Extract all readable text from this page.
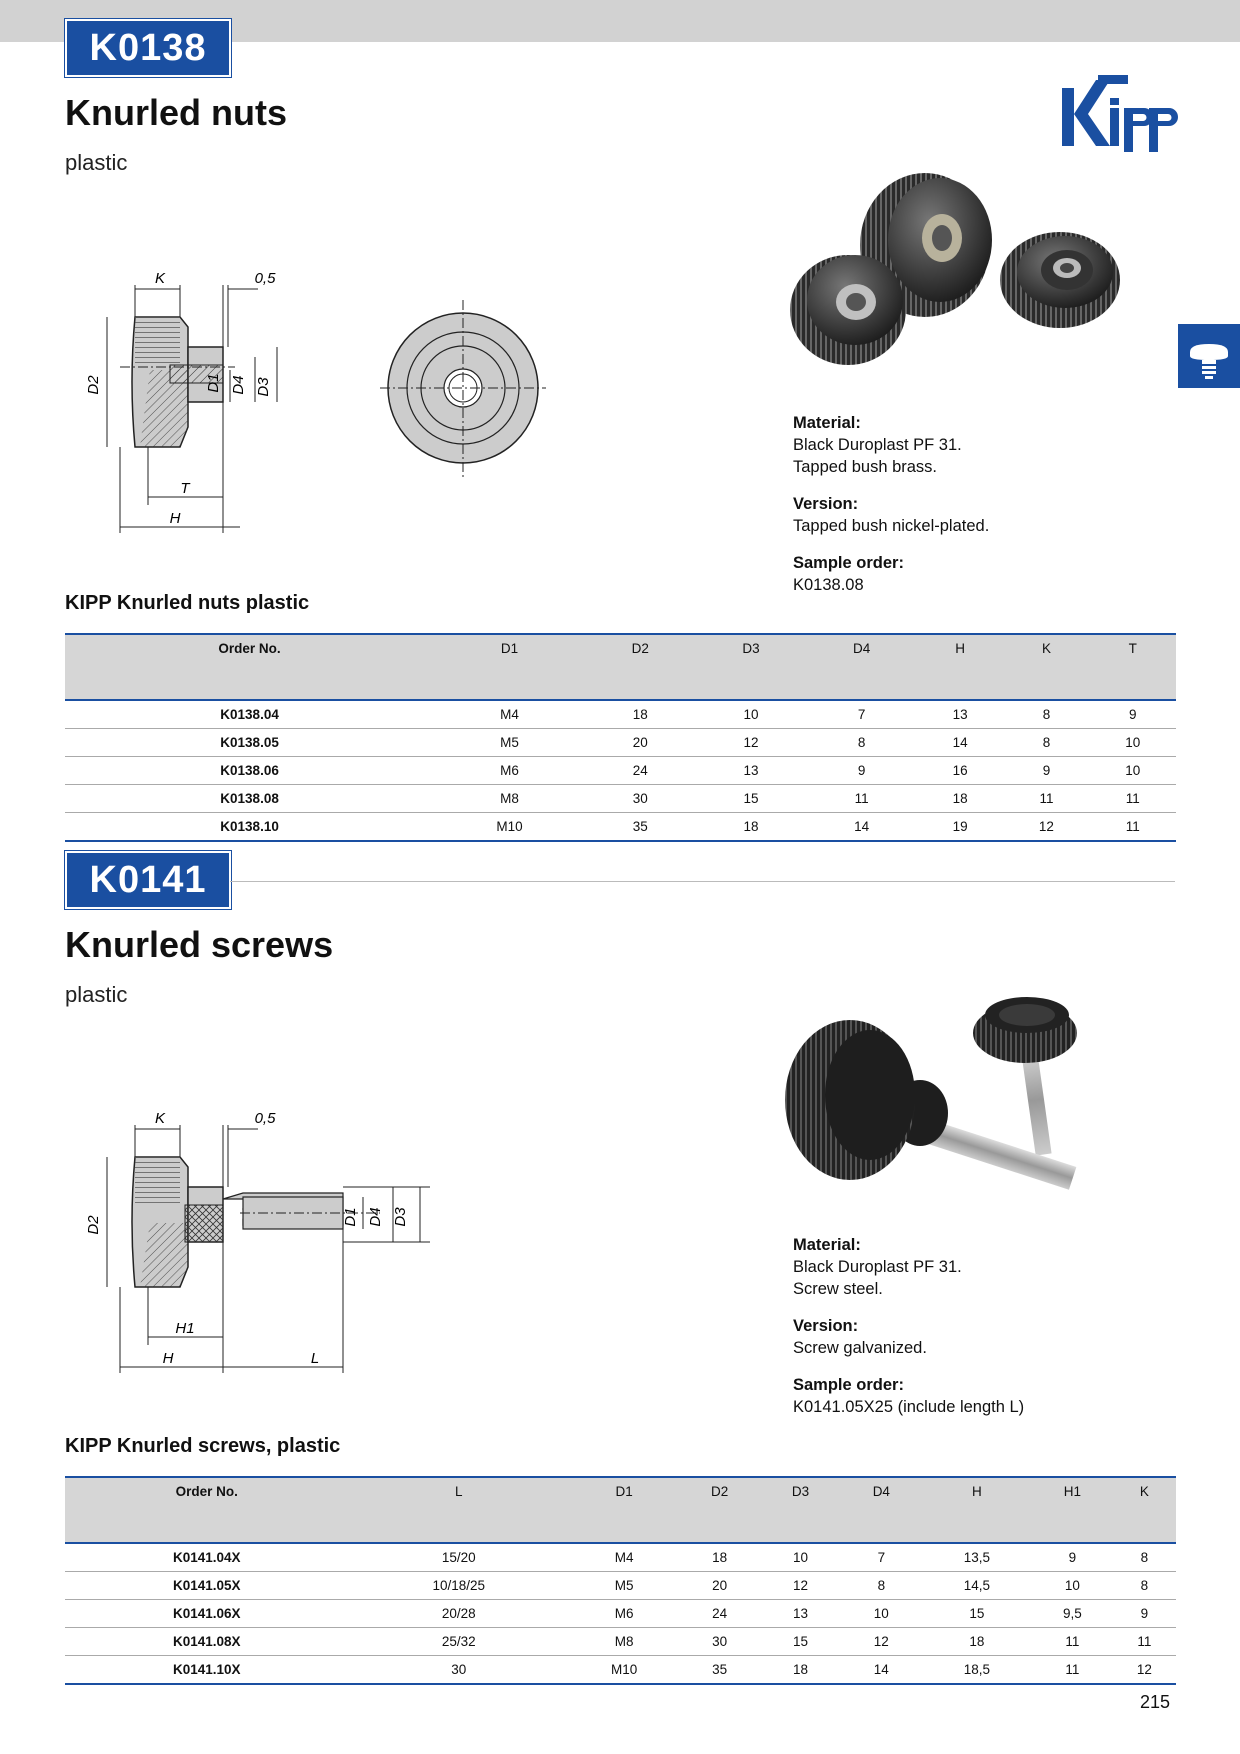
K0138
Knurled nuts
plastic
K	0,5
D2	D3
D4
D1
T
H
Material:
Black Duroplast PF 31.
Tapped bush brass.
Version:
Tapped bush nickel-plated.
Sample order:
K0138.08
KIPP Knurled nuts plastic
Order No.	D1	D2	D3	D4	H	K	T
K0138.04	M4	18	10	7	13	8	9
K0138.05	M5	20	12	8	14	8	10
K0138.06	M6	24	13	9	16	9	10
K0138.08	M8	30	15	11	18	11	11
K0138.10	M10	35	18	14	19	12	11
K0141
Knurled screws
plastic
K	0,5
D2	D3
D4
D1
H1
H	L
Material:
Black Duroplast PF 31.
Screw steel.
Version:
Screw galvanized.
Sample order:
K0141.05X25 (include length L)
KIPP Knurled screws, plastic
Order No.	L	D1	D2	D3	D4	H	H1	K
K0141.04X	15/20	M4	18	10	7	13,5	9	8
K0141.05X	10/18/25	M5	20	12	8	14,5	10	8
K0141.06X	20/28	M6	24	13	10	15	9,5	9
K0141.08X	25/32	M8	30	15	12	18	11	11
K0141.10X	30	M10	35	18	14	18,5	11	12
215
